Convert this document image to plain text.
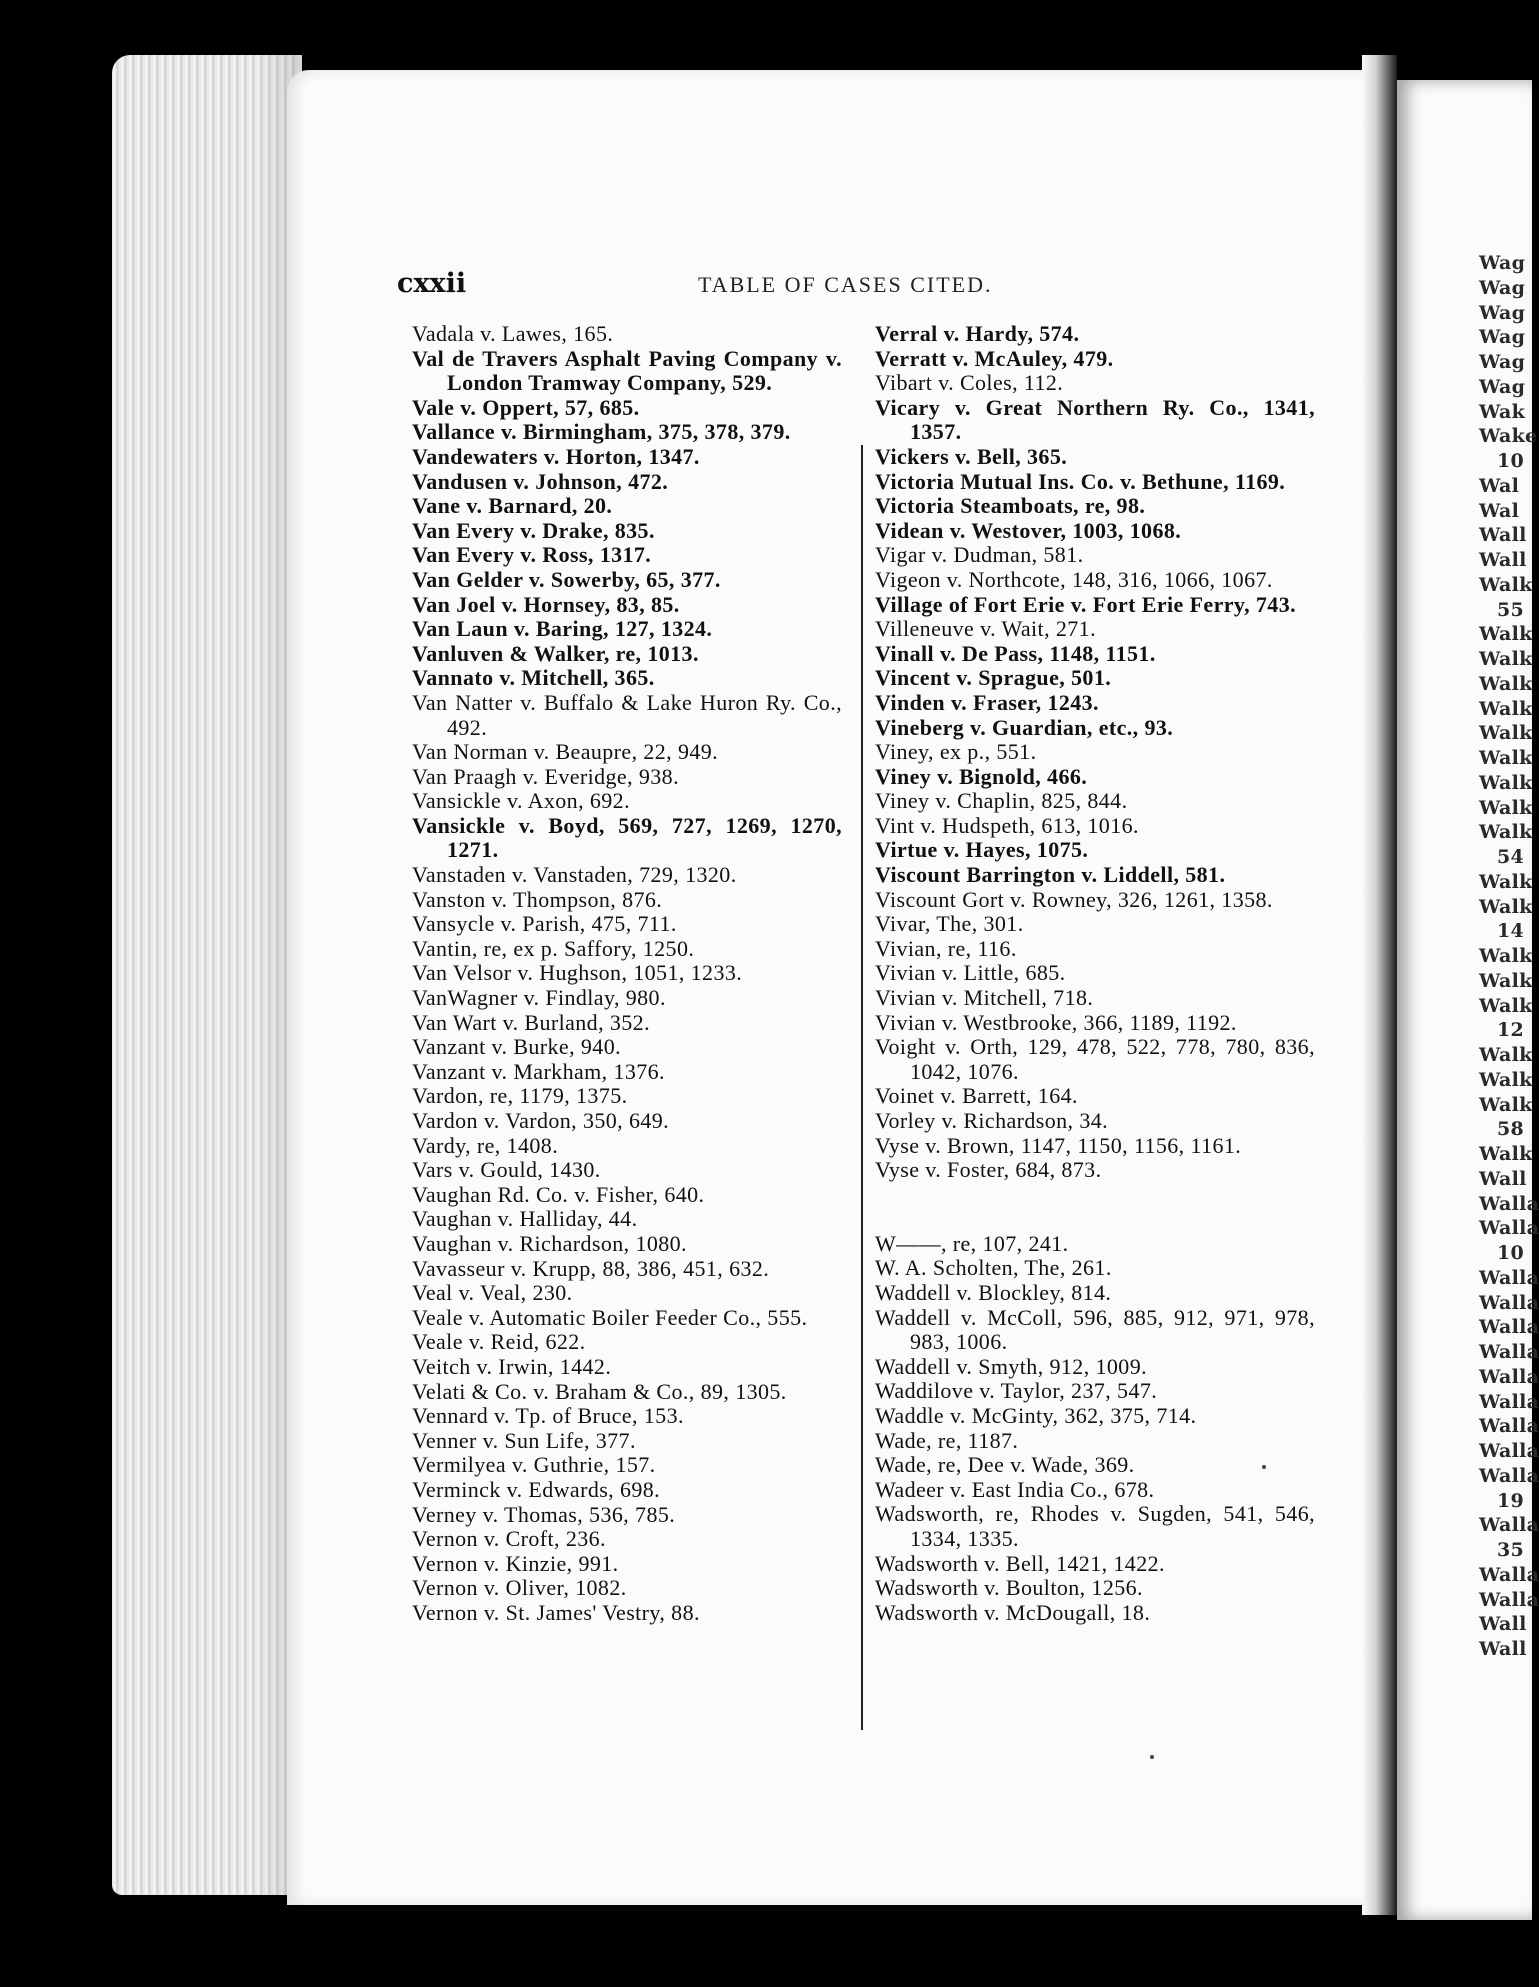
Wag
Wag
Wag
Wag
Wag
Wag
Wak
Wake
10
Wal
Wal
Wall
Wall
Walk
55
Walk
Walk
Walk
Walk
Walk
Walk
Walk
Walk
Walk
54
Walk
Walk
14
Walk
Walk
Walk
12
Walk
Walk
Walk
58
Walk
Wall
Walla
Walla
10
Walla
Walla
Walla
Walla
Walla
Walla
Walla
Walla
Walla
19
Walla
35
Walla
Walla
Wall
Wall
cxxii	TABLE OF CASES CITED.
Vadala v. Lawes, 165.
Val de Travers Asphalt Paving Company v. London Tramway Company, 529.
Vale v. Oppert, 57, 685.
Vallance v. Birmingham, 375, 378, 379.
Vandewaters v. Horton, 1347.
Vandusen v. Johnson, 472.
Vane v. Barnard, 20.
Van Every v. Drake, 835.
Van Every v. Ross, 1317.
Van Gelder v. Sowerby, 65, 377.
Van Joel v. Hornsey, 83, 85.
Van Laun v. Baring, 127, 1324.
Vanluven & Walker, re, 1013.
Vannato v. Mitchell, 365.
Van Natter v. Buffalo & Lake Huron Ry. Co., 492.
Van Norman v. Beaupre, 22, 949.
Van Praagh v. Everidge, 938.
Vansickle v. Axon, 692.
Vansickle v. Boyd, 569, 727, 1269, 1270, 1271.
Vanstaden v. Vanstaden, 729, 1320.
Vanston v. Thompson, 876.
Vansycle v. Parish, 475, 711.
Vantin, re, ex p. Saffory, 1250.
Van Velsor v. Hughson, 1051, 1233.
VanWagner v. Findlay, 980.
Van Wart v. Burland, 352.
Vanzant v. Burke, 940.
Vanzant v. Markham, 1376.
Vardon, re, 1179, 1375.
Vardon v. Vardon, 350, 649.
Vardy, re, 1408.
Vars v. Gould, 1430.
Vaughan Rd. Co. v. Fisher, 640.
Vaughan v. Halliday, 44.
Vaughan v. Richardson, 1080.
Vavasseur v. Krupp, 88, 386, 451, 632.
Veal v. Veal, 230.
Veale v. Automatic Boiler Feeder Co., 555.
Veale v. Reid, 622.
Veitch v. Irwin, 1442.
Velati & Co. v. Braham & Co., 89, 1305.
Vennard v. Tp. of Bruce, 153.
Venner v. Sun Life, 377.
Vermilyea v. Guthrie, 157.
Verminck v. Edwards, 698.
Verney v. Thomas, 536, 785.
Vernon v. Croft, 236.
Vernon v. Kinzie, 991.
Vernon v. Oliver, 1082.
Vernon v. St. James' Vestry, 88.
Verral v. Hardy, 574.
Verratt v. McAuley, 479.
Vibart v. Coles, 112.
Vicary v. Great Northern Ry. Co., 1341, 1357.
Vickers v. Bell, 365.
Victoria Mutual Ins. Co. v. Bethune, 1169.
Victoria Steamboats, re, 98.
Videan v. Westover, 1003, 1068.
Vigar v. Dudman, 581.
Vigeon v. Northcote, 148, 316, 1066, 1067.
Village of Fort Erie v. Fort Erie Ferry, 743.
Villeneuve v. Wait, 271.
Vinall v. De Pass, 1148, 1151.
Vincent v. Sprague, 501.
Vinden v. Fraser, 1243.
Vineberg v. Guardian, etc., 93.
Viney, ex p., 551.
Viney v. Bignold, 466.
Viney v. Chaplin, 825, 844.
Vint v. Hudspeth, 613, 1016.
Virtue v. Hayes, 1075.
Viscount Barrington v. Liddell, 581.
Viscount Gort v. Rowney, 326, 1261, 1358.
Vivar, The, 301.
Vivian, re, 116.
Vivian v. Little, 685.
Vivian v. Mitchell, 718.
Vivian v. Westbrooke, 366, 1189, 1192.
Voight v. Orth, 129, 478, 522, 778, 780, 836, 1042, 1076.
Voinet v. Barrett, 164.
Vorley v. Richardson, 34.
Vyse v. Brown, 1147, 1150, 1156, 1161.
Vyse v. Foster, 684, 873.
W——, re, 107, 241.
W. A. Scholten, The, 261.
Waddell v. Blockley, 814.
Waddell v. McColl, 596, 885, 912, 971, 978, 983, 1006.
Waddell v. Smyth, 912, 1009.
Waddilove v. Taylor, 237, 547.
Waddle v. McGinty, 362, 375, 714.
Wade, re, 1187.
Wade, re, Dee v. Wade, 369.
Wadeer v. East India Co., 678.
Wadsworth, re, Rhodes v. Sugden, 541, 546, 1334, 1335.
Wadsworth v. Bell, 1421, 1422.
Wadsworth v. Boulton, 1256.
Wadsworth v. McDougall, 18.
